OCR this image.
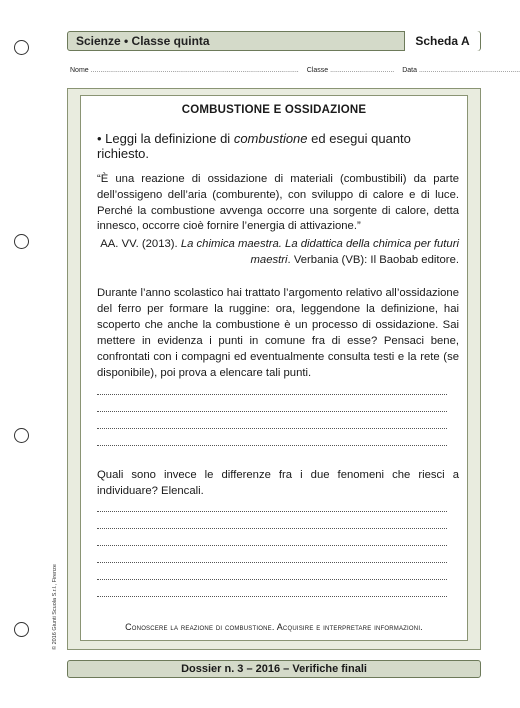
Scienze • Classe quinta	Scheda A
Nome ........................................................................................................... Classe ................................. Data ....................................................
COMBUSTIONE E OSSIDAZIONE
• Leggi la definizione di combustione ed esegui quanto richiesto.
“È una reazione di ossidazione di materiali (combustibili) da parte dell’ossigeno dell’aria (comburente), con sviluppo di calore e di luce. Perché la combustione avvenga occorre una sorgente di calore, detta innesco, occorre cioè fornire l’energia di attivazione.”
AA. VV. (2013). La chimica maestra. La didattica della chimica per futuri maestri. Verbania (VB): Il Baobab editore.
Durante l’anno scolastico hai trattato l’argomento relativo all’ossidazione del ferro per formare la ruggine: ora, leggendone la definizione, hai scoperto che anche la combustione è un processo di ossidazione. Sai mettere in evidenza i punti in comune fra di esse? Pensaci bene, confrontati con i compagni ed eventualmente consulta testi e la rete (se disponibile), poi prova a elencare tali punti.
Quali sono invece le differenze fra i due fenomeni che riesci a individuare? Elencali.
Conoscere la reazione di combustione. Acquisire e interpretare informazioni.
© 2016 Giunti Scuola S.r.l., Firenze
Dossier n. 3 – 2016 – Verifiche finali
